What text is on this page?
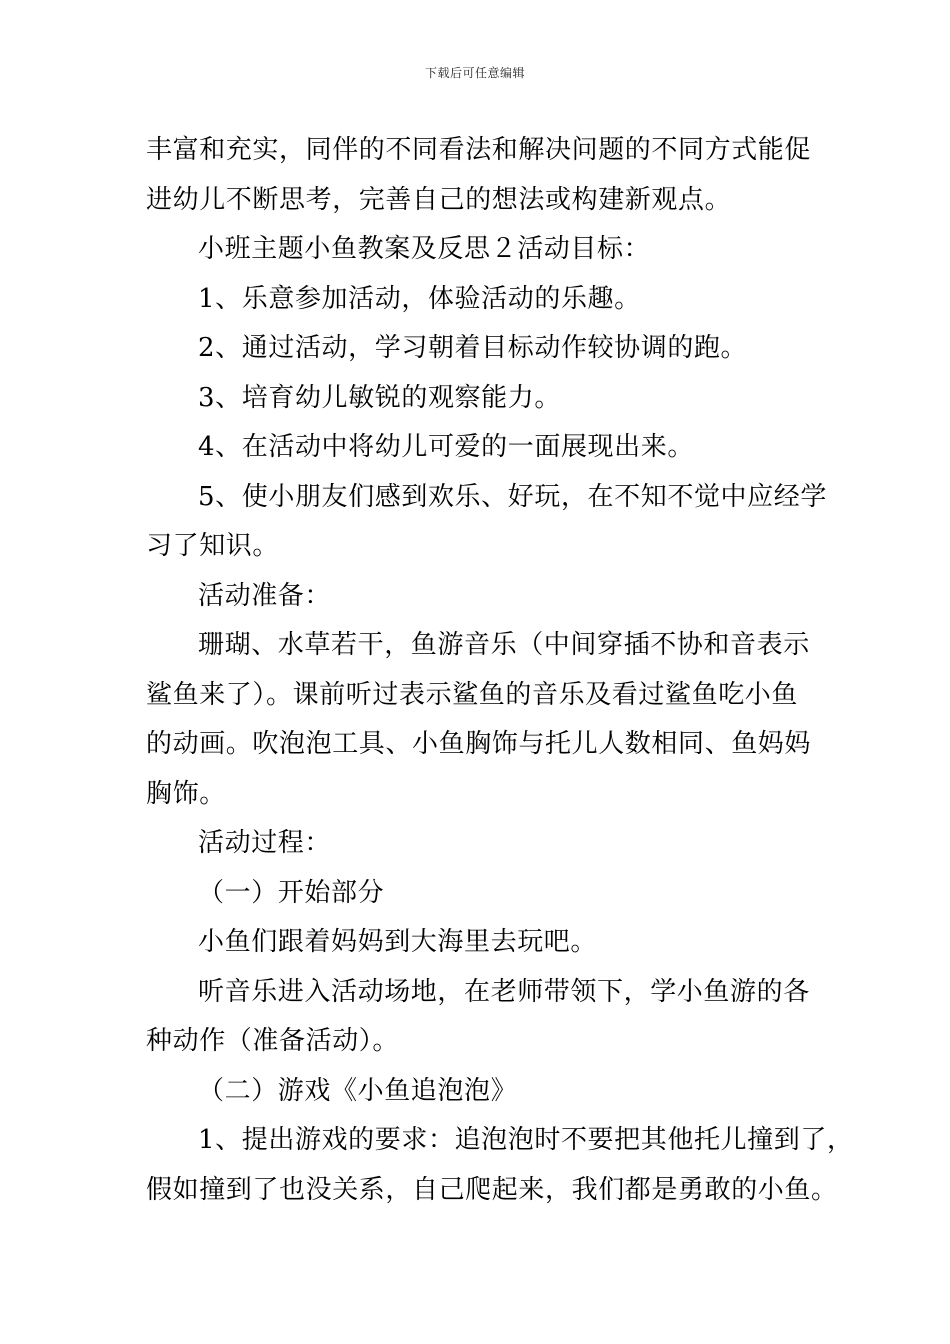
下载后可任意编辑

丰富和充实，同伴的不同看法和解决问题的不同方式能促

进幼儿不断思考，完善自己的想法或构建新观点。

小班主题小鱼教案及反思２活动目标：

1、乐意参加活动，体验活动的乐趣。

2、通过活动，学习朝着目标动作较协调的跑。

3、培育幼儿敏锐的观察能力。

4、在活动中将幼儿可爱的一面展现出来。

5、使小朋友们感到欢乐、好玩，在不知不觉中应经学

习了知识。

活动准备：

珊瑚、水草若干，鱼游音乐（中间穿插不协和音表示

鲨鱼来了）。课前听过表示鲨鱼的音乐及看过鲨鱼吃小鱼

的动画。吹泡泡工具、小鱼胸饰与托儿人数相同、鱼妈妈

胸饰。

活动过程：

（一）开始部分

小鱼们跟着妈妈到大海里去玩吧。

听音乐进入活动场地，在老师带领下，学小鱼游的各

种动作（准备活动）。

（二）游戏《小鱼追泡泡》

1、提出游戏的要求：追泡泡时不要把其他托儿撞到了，

假如撞到了也没关系，自己爬起来，我们都是勇敢的小鱼。
